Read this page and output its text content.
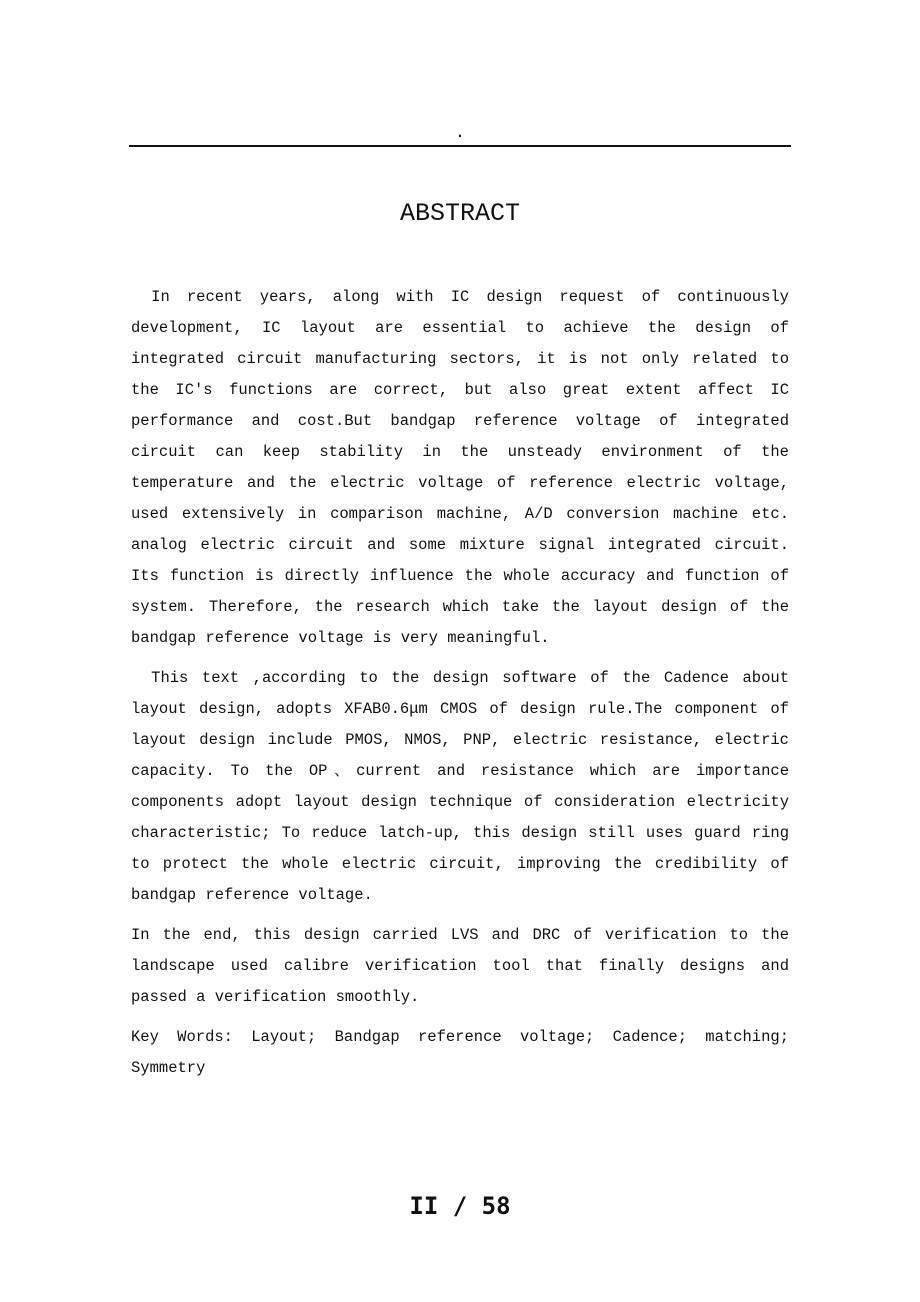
.
ABSTRACT

In recent years, along with IC design request of continuously development, IC layout are essential to achieve the design of integrated circuit manufacturing sectors, it is not only related to the IC's functions are correct, but also great extent affect IC performance and cost.But bandgap reference voltage of integrated circuit can keep stability in the unsteady environment of the temperature and the electric voltage of reference electric voltage, used extensively in comparison machine, A/D conversion machine etc. analog electric circuit and some mixture signal integrated circuit. Its function is directly influence the whole accuracy and function of system. Therefore, the research which take the layout design of the bandgap reference voltage is very meaningful.

This text ,according to the design software of the Cadence about layout design, adopts XFAB0.6μm CMOS of design rule.The component of layout design include PMOS, NMOS, PNP, electric resistance, electric capacity. To the OP、current and resistance which are importance components adopt layout design technique of consideration electricity characteristic; To reduce latch-up, this design still uses guard ring to protect the whole electric circuit, improving the credibility of bandgap reference voltage.

In the end, this design carried LVS and DRC of verification to the landscape used calibre verification tool that finally designs and passed a verification smoothly.

Key Words: Layout; Bandgap reference voltage; Cadence; matching; Symmetry

II / 58
